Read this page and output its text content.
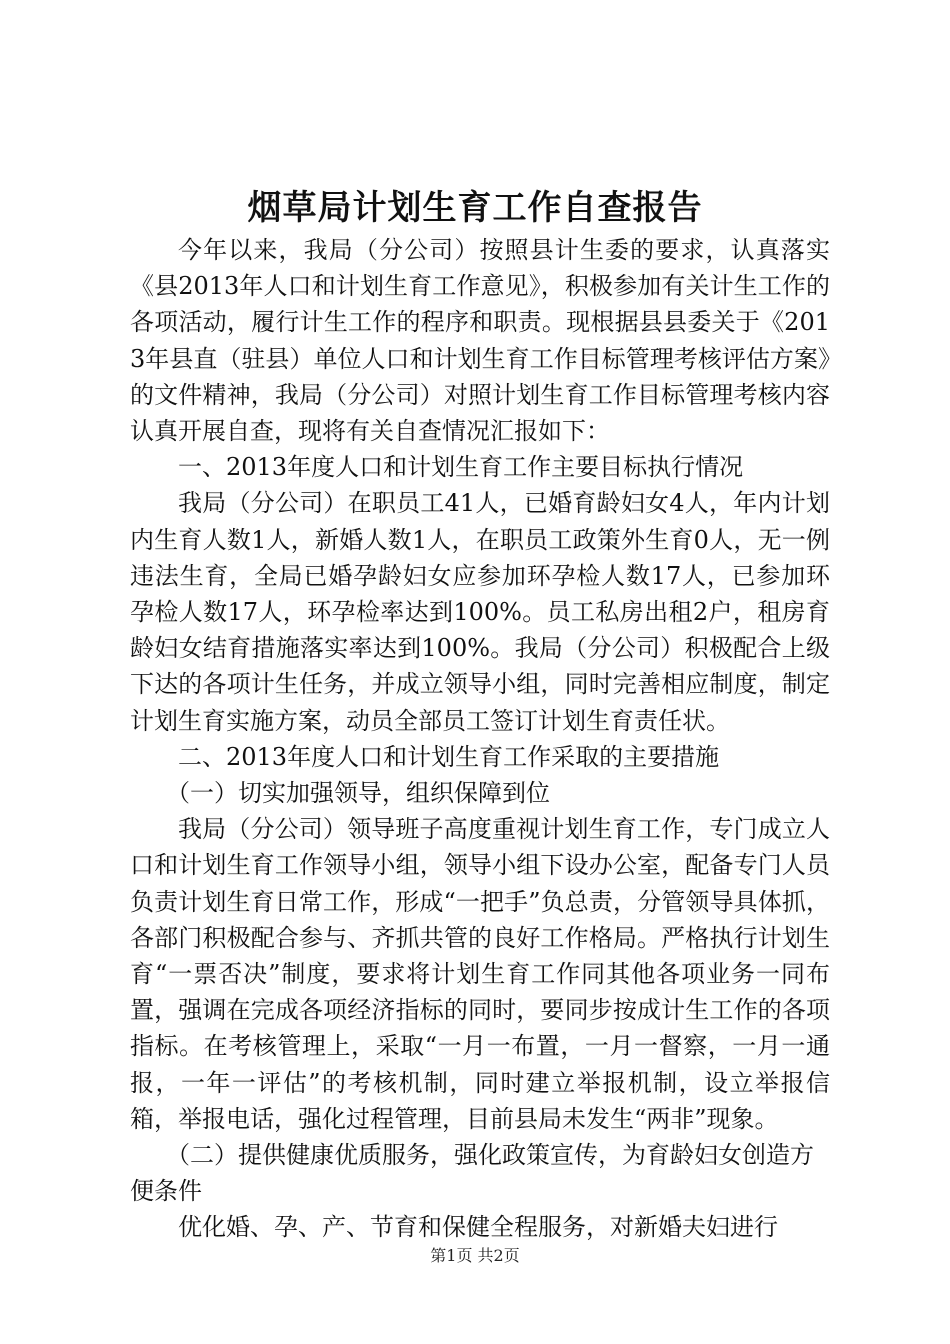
烟草局计划生育工作自查报告

今年以来，我局（分公司）按照县计生委的要求，认真落实《县2013年人口和计划生育工作意见》，积极参加有关计生工作的各项活动，履行计生工作的程序和职责。现根据县县委关于《2013年县直（驻县）单位人口和计划生育工作目标管理考核评估方案》的文件精神，我局（分公司）对照计划生育工作目标管理考核内容认真开展自查，现将有关自查情况汇报如下：

一、2013年度人口和计划生育工作主要目标执行情况

我局（分公司）在职员工41人，已婚育龄妇女4人，年内计划内生育人数1人，新婚人数1人，在职员工政策外生育0人，无一例违法生育，全局已婚孕龄妇女应参加环孕检人数17人，已参加环孕检人数17人，环孕检率达到100%。员工私房出租2户，租房育龄妇女结育措施落实率达到100%。我局（分公司）积极配合上级下达的各项计生任务，并成立领导小组，同时完善相应制度，制定计划生育实施方案，动员全部员工签订计划生育责任状。

二、2013年度人口和计划生育工作采取的主要措施

（一）切实加强领导，组织保障到位

我局（分公司）领导班子高度重视计划生育工作，专门成立人口和计划生育工作领导小组，领导小组下设办公室，配备专门人员负责计划生育日常工作，形成“一把手”负总责，分管领导具体抓，各部门积极配合参与、齐抓共管的良好工作格局。严格执行计划生育“一票否决”制度，要求将计划生育工作同其他各项业务一同布置，强调在完成各项经济指标的同时，要同步按成计生工作的各项指标。在考核管理上，采取“一月一布置，一月一督察，一月一通报，一年一评估”的考核机制，同时建立举报机制，设立举报信箱，举报电话，强化过程管理，目前县局未发生“两非”现象。

（二）提供健康优质服务，强化政策宣传，为育龄妇女创造方便条件

优化婚、孕、产、节育和保健全程服务，对新婚夫妇进行

第1页 共2页
